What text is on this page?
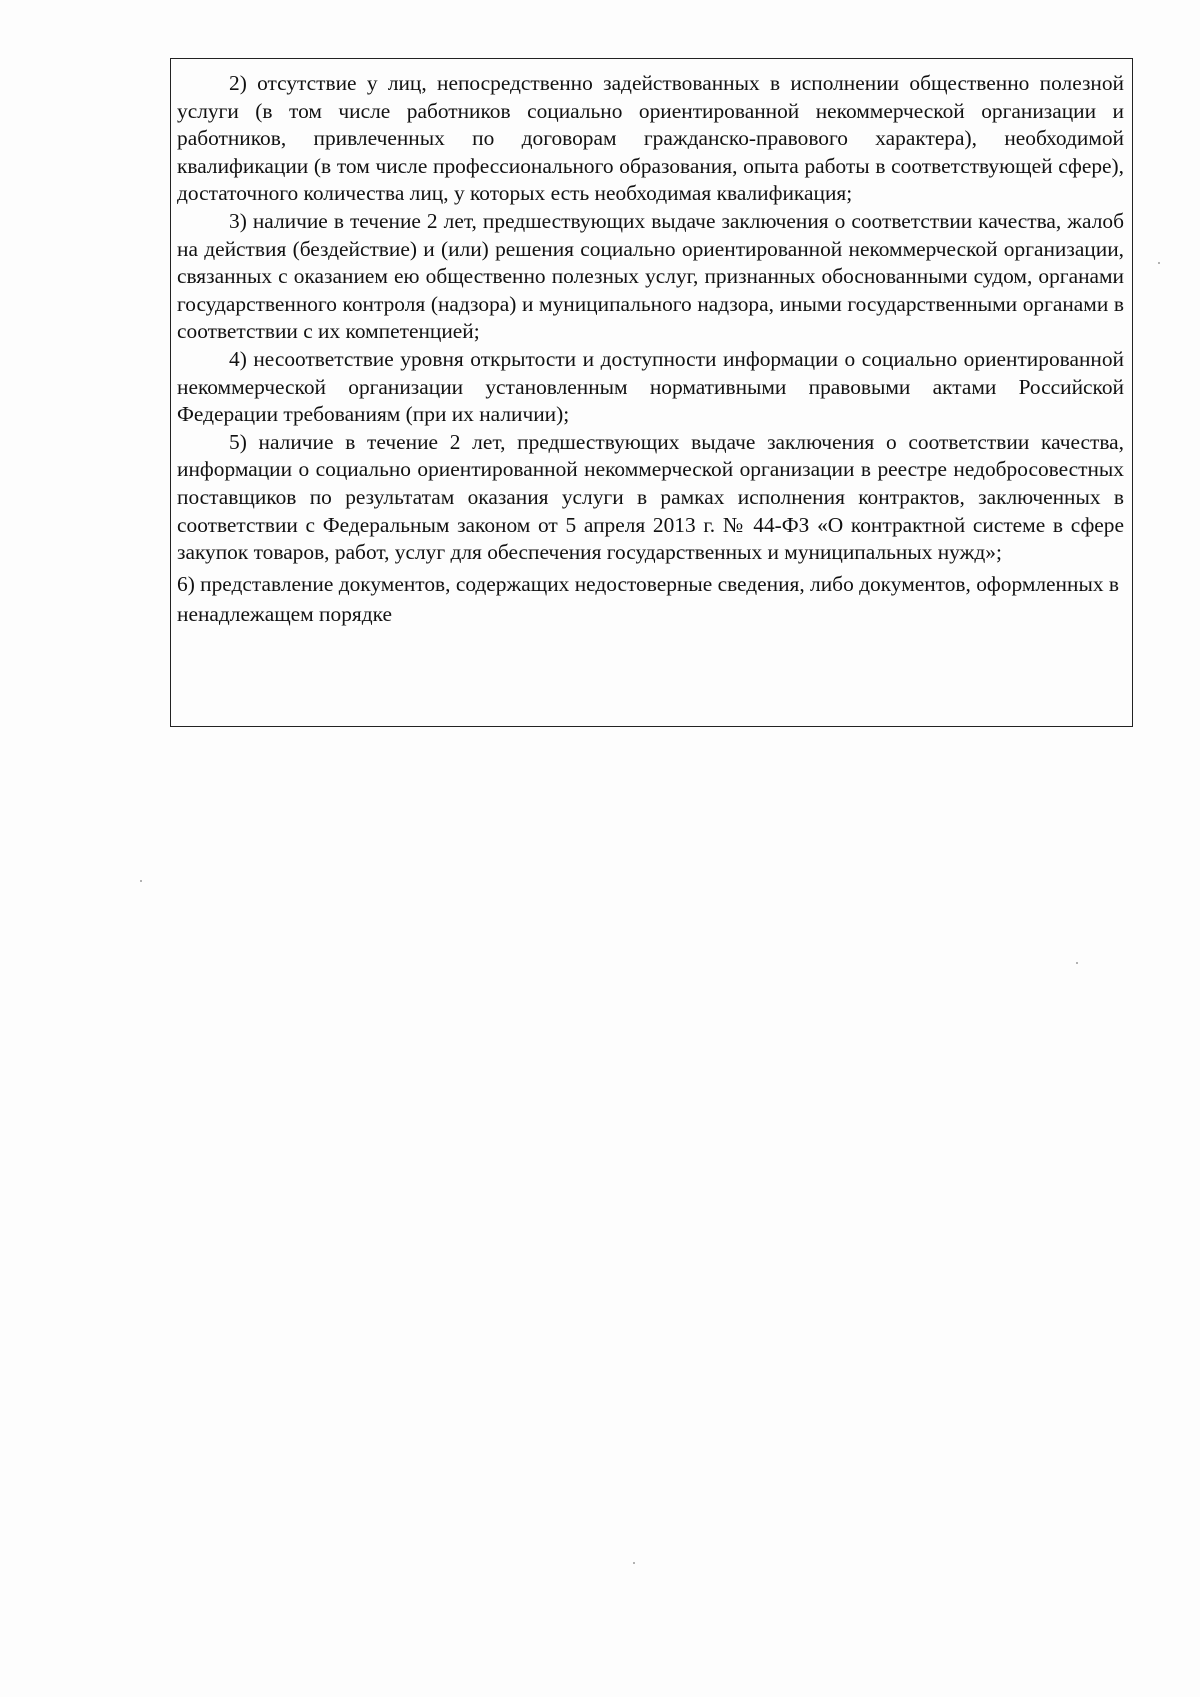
2) отсутствие у лиц, непосредственно задействованных в исполнении общественно полезной услуги (в том числе работников социально ориентированной некоммерческой организации и работников, привлеченных по договорам гражданско-правового характера), необходимой квалификации (в том числе профессионального образования, опыта работы в соответствующей сфере), достаточного количества лиц, у которых есть необходимая квалификация;

3) наличие в течение 2 лет, предшествующих выдаче заключения о соответствии качества, жалоб на действия (бездействие) и (или) решения социально ориентированной некоммерческой организации, связанных с оказанием ею общественно полезных услуг, признанных обоснованными судом, органами государственного контроля (надзора) и муниципального надзора, иными государственными органами в соответствии с их компетенцией;

4) несоответствие уровня открытости и доступности информации о социально ориентированной некоммерческой организации установленным нормативными правовыми актами Российской Федерации требованиям (при их наличии);

5) наличие в течение 2 лет, предшествующих выдаче заключения о соответствии качества, информации о социально ориентированной некоммерческой организации в реестре недобросовестных поставщиков по результатам оказания услуги в рамках исполнения контрактов, заключенных в соответствии с Федеральным законом от 5 апреля 2013 г. № 44-ФЗ «О контрактной системе в сфере закупок товаров, работ, услуг для обеспечения государственных и муниципальных нужд»;

6) представление документов, содержащих недостоверные сведения, либо документов, оформленных в ненадлежащем порядке
